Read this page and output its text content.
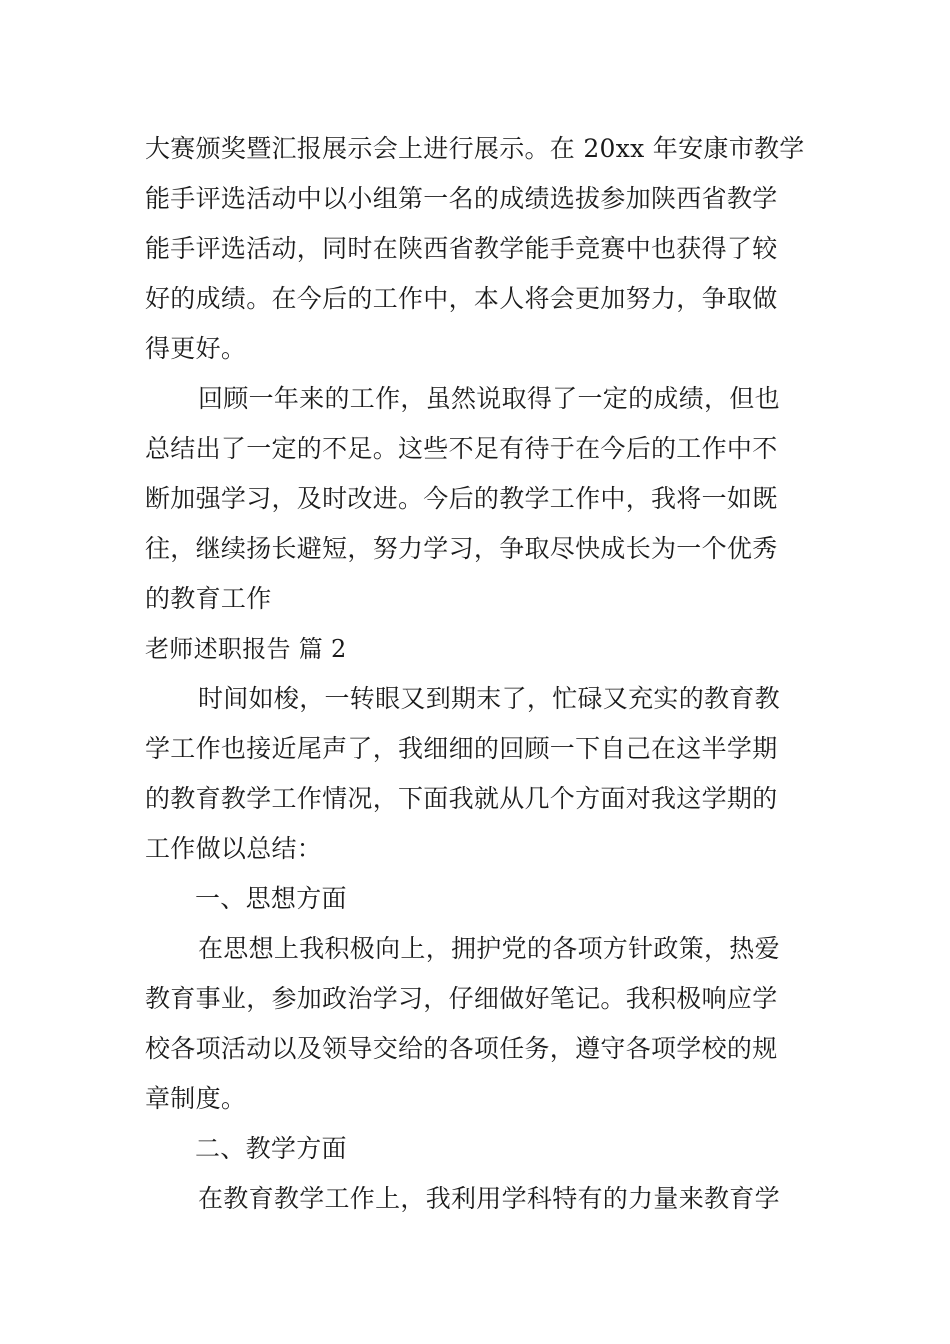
大赛颁奖暨汇报展示会上进行展示。在 20xx 年安康市教学
能手评选活动中以小组第一名的成绩选拔参加陕西省教学
能手评选活动，同时在陕西省教学能手竞赛中也获得了较
好的成绩。在今后的工作中，本人将会更加努力，争取做
得更好。
回顾一年来的工作，虽然说取得了一定的成绩，但也
总结出了一定的不足。这些不足有待于在今后的工作中不
断加强学习，及时改进。今后的教学工作中，我将一如既
往，继续扬长避短，努力学习，争取尽快成长为一个优秀
的教育工作
老师述职报告 篇 2
时间如梭，一转眼又到期末了，忙碌又充实的教育教
学工作也接近尾声了，我细细的回顾一下自己在这半学期
的教育教学工作情况，下面我就从几个方面对我这学期的
工作做以总结：
一、思想方面
在思想上我积极向上，拥护党的各项方针政策，热爱
教育事业，参加政治学习，仔细做好笔记。我积极响应学
校各项活动以及领导交给的各项任务，遵守各项学校的规
章制度。
二、教学方面
在教育教学工作上，我利用学科特有的力量来教育学
